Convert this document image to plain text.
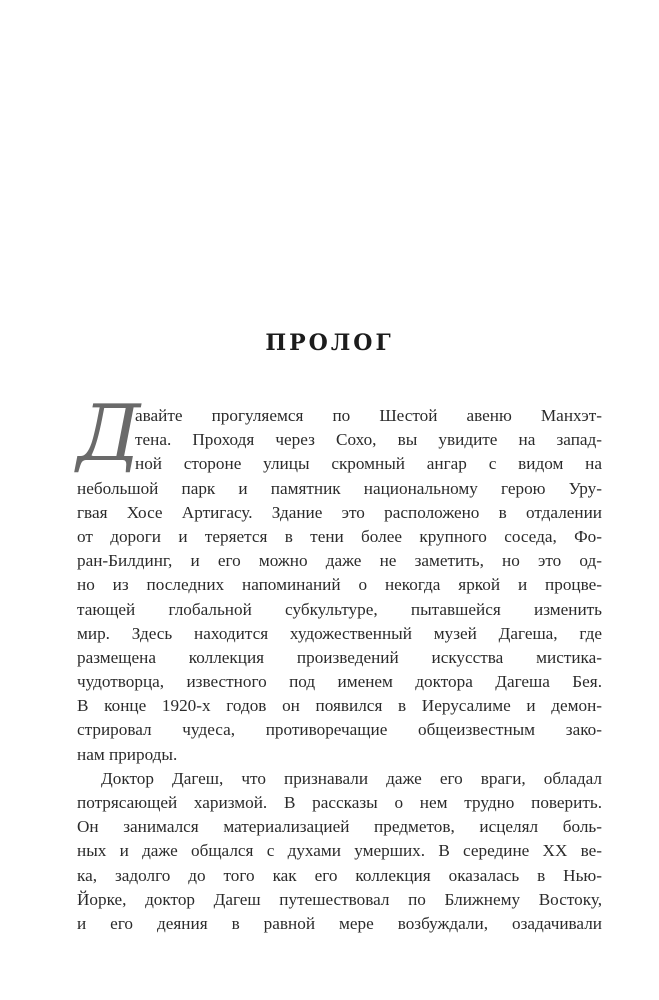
ПРОЛОГ
Д
авайте прогуляемся по Шестой авеню Манхэт-
тена. Проходя через Сохо, вы увидите на запад-
ной стороне улицы скромный ангар с видом на
небольшой парк и памятник национальному герою Уру-
гвая Хосе Артигасу. Здание это расположено в отдалении
от дороги и теряется в тени более крупного соседа, Фо-
ран-Билдинг, и его можно даже не заметить, но это од-
но из последних напоминаний о некогда яркой и процве-
тающей глобальной субкультуре, пытавшейся изменить
мир. Здесь находится художественный музей Дагеша, где
размещена коллекция произведений искусства мистика-
чудотворца, известного под именем доктора Дагеша Бея.
В конце 1920-х годов он появился в Иерусалиме и демон-
стрировал чудеса, противоречащие общеизвестным зако-
нам природы.
Доктор Дагеш, что признавали даже его враги, обладал
потрясающей харизмой. В рассказы о нем трудно поверить.
Он занимался материализацией предметов, исцелял боль-
ных и даже общался с духами умерших. В середине XX ве-
ка, задолго до того как его коллекция оказалась в Нью-
Йорке, доктор Дагеш путешествовал по Ближнему Востоку,
и его деяния в равной мере возбуждали, озадачивали
